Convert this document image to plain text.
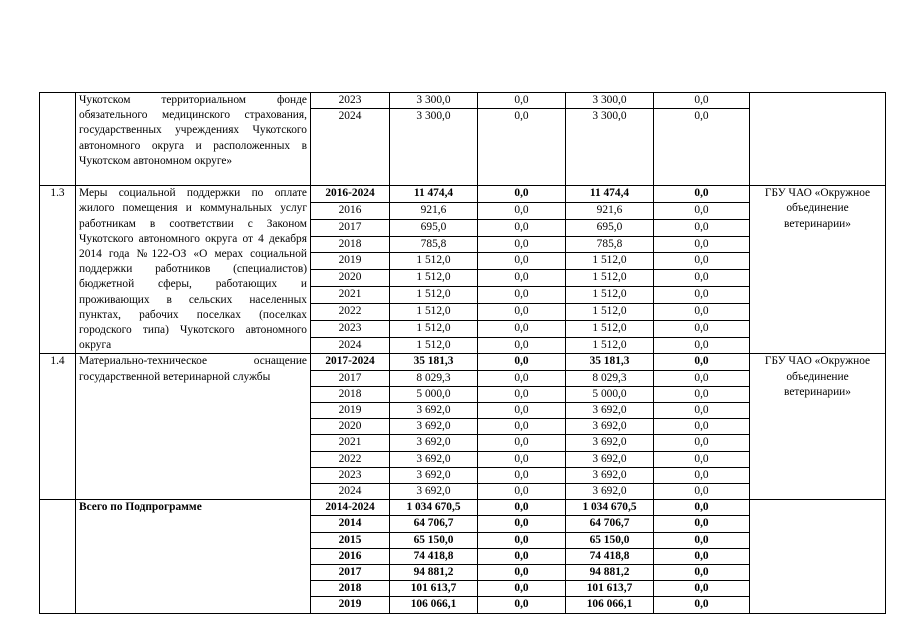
	Чукотском территориальном фонде обязательного медицинского страхования, государственных учреждениях Чукотского автономного округа и расположенных в Чукотском автономном округе»	2023	3 300,0	0,0	3 300,0	0,0	
		2024	3 300,0	0,0	3 300,0	0,0	
1.3	Меры социальной поддержки по оплате жилого помещения и коммунальных услуг работникам в соответствии с Законом Чукотского автономного округа от 4 декабря 2014 года №122-ОЗ «О мерах социальной поддержки работников (специалистов) бюджетной сферы, работающих и проживающих в сельских населенных пунктах, рабочих поселках (поселках городского типа) Чукотского автономного округа	2016-2024	11 474,4	0,0	11 474,4	0,0	ГБУ ЧАО «Окружное объединение ветеринарии»
		2016	921,6	0,0	921,6	0,0	
		2017	695,0	0,0	695,0	0,0	
		2018	785,8	0,0	785,8	0,0	
		2019	1 512,0	0,0	1 512,0	0,0	
		2020	1 512,0	0,0	1 512,0	0,0	
		2021	1 512,0	0,0	1 512,0	0,0	
		2022	1 512,0	0,0	1 512,0	0,0	
		2023	1 512,0	0,0	1 512,0	0,0	
		2024	1 512,0	0,0	1 512,0	0,0	
1.4	Материально-техническое оснащение государственной ветеринарной службы	2017-2024	35 181,3	0,0	35 181,3	0,0	ГБУ ЧАО «Окружное объединение ветеринарии»
		2017	8 029,3	0,0	8 029,3	0,0	
		2018	5 000,0	0,0	5 000,0	0,0	
		2019	3 692,0	0,0	3 692,0	0,0	
		2020	3 692,0	0,0	3 692,0	0,0	
		2021	3 692,0	0,0	3 692,0	0,0	
		2022	3 692,0	0,0	3 692,0	0,0	
		2023	3 692,0	0,0	3 692,0	0,0	
		2024	3 692,0	0,0	3 692,0	0,0	
	Всего по Подпрограмме	2014-2024	1 034 670,5	0,0	1 034 670,5	0,0	
		2014	64 706,7	0,0	64 706,7	0,0	
		2015	65 150,0	0,0	65 150,0	0,0	
		2016	74 418,8	0,0	74 418,8	0,0	
		2017	94 881,2	0,0	94 881,2	0,0	
		2018	101 613,7	0,0	101 613,7	0,0	
		2019	106 066,1	0,0	106 066,1	0,0	
